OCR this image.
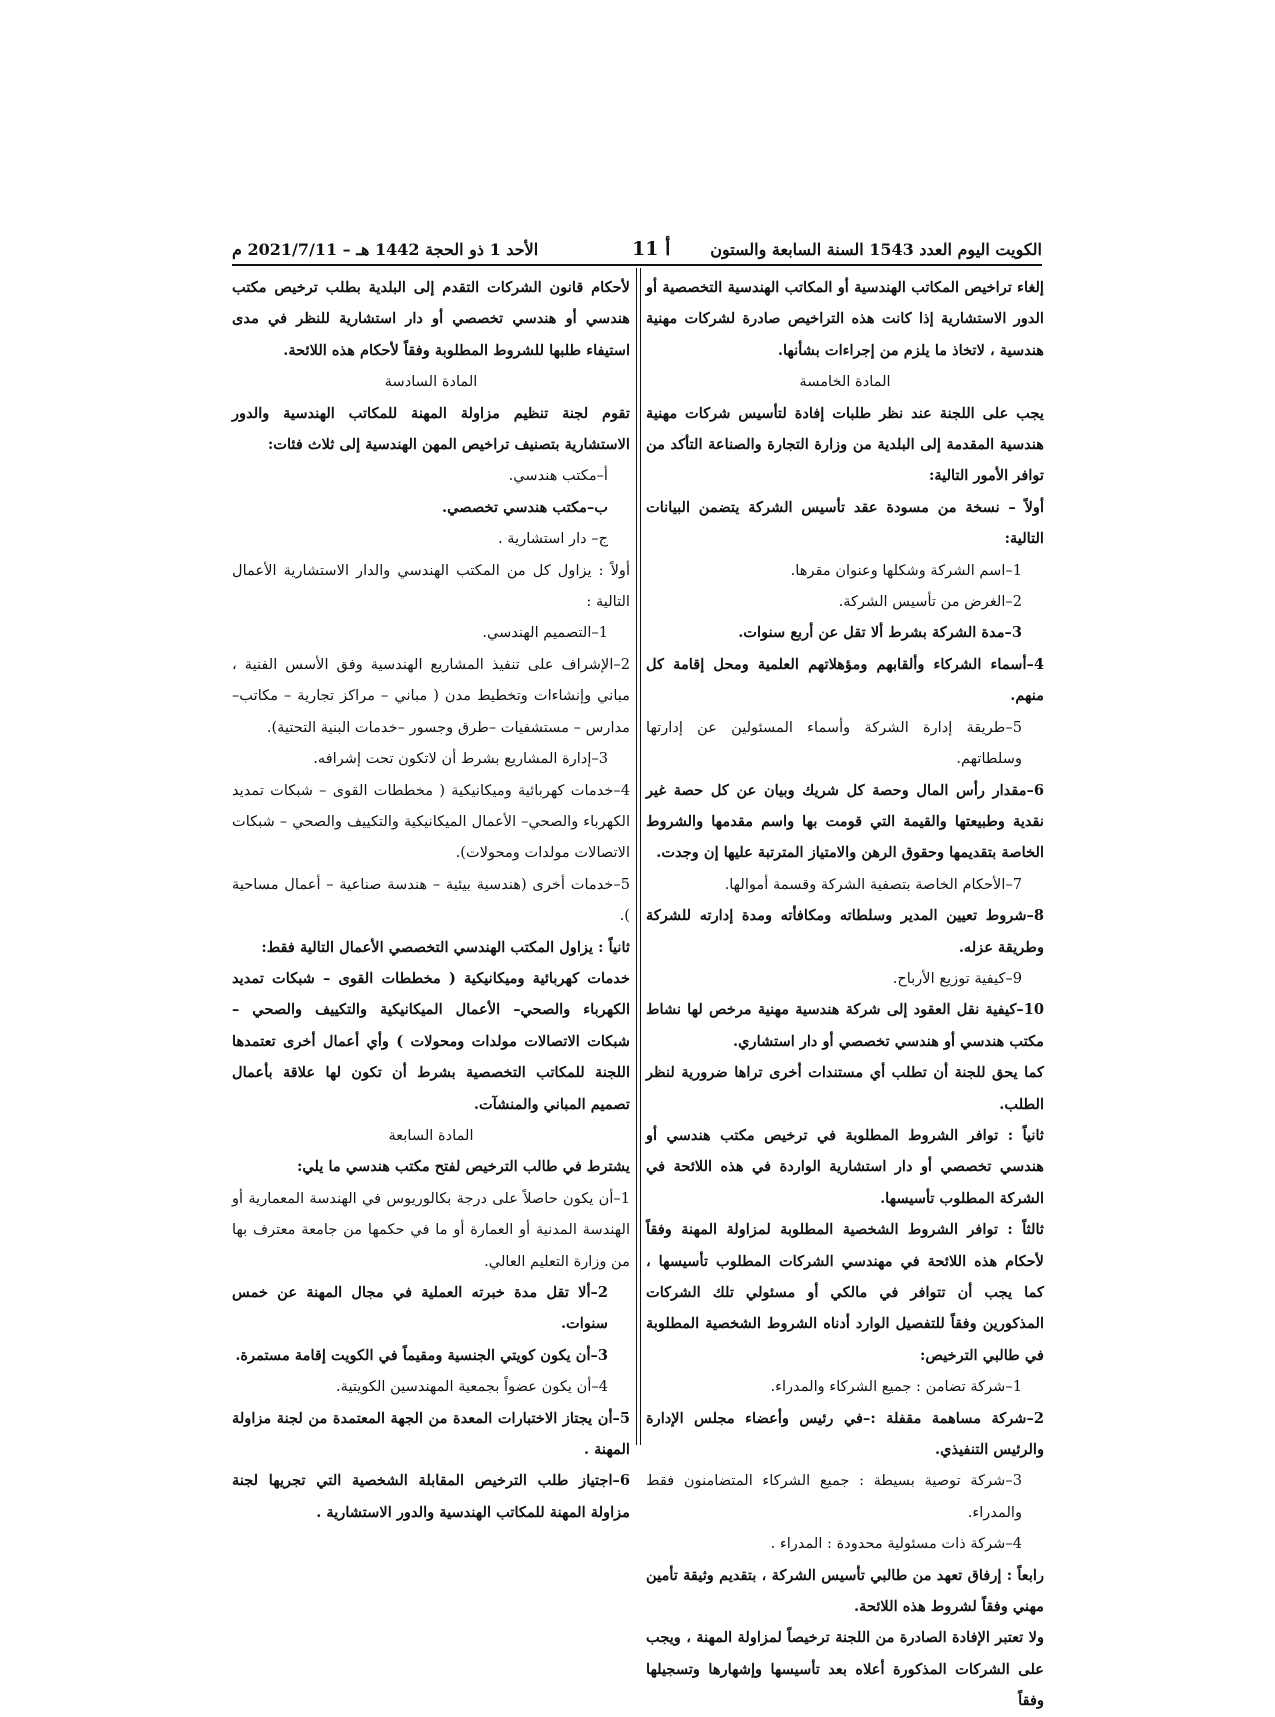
الكويت اليوم العدد 1543 السنة السابعة والستون
أ 11
الأحد 1 ذو الحجة 1442 هـ – 2021/7/11 م

إلغاء تراخيص المكاتب الهندسية أو المكاتب الهندسية التخصصية أو الدور الاستشارية إذا كانت هذه التراخيص صادرة لشركات مهنية هندسية ، لاتخاذ ما يلزم من إجراءات بشأنها.

المادة الخامسة

يجب على اللجنة عند نظر طلبات إفادة لتأسيس شركات مهنية هندسية المقدمة إلى البلدية من وزارة التجارة والصناعة التأكد من توافر الأمور التالية:

أولاً – نسخة من مسودة عقد تأسيس الشركة يتضمن البيانات التالية:

1–اسم الشركة وشكلها وعنوان مقرها.

2–الغرض من تأسيس الشركة.

3–مدة الشركة بشرط ألا تقل عن أربع سنوات.

4–أسماء الشركاء وألقابهم ومؤهلاتهم العلمية ومحل إقامة كل منهم.

5–طريقة إدارة الشركة وأسماء المسئولين عن إدارتها وسلطاتهم.

6–مقدار رأس المال وحصة كل شريك وبيان عن كل حصة غير نقدية وطبيعتها والقيمة التي قومت بها واسم مقدمها والشروط الخاصة بتقديمها وحقوق الرهن والامتياز المترتبة عليها إن وجدت.

7–الأحكام الخاصة بتصفية الشركة وقسمة أموالها.

8–شروط تعيين المدير وسلطاته ومكافأته ومدة إدارته للشركة وطريقة عزله.

9–كيفية توزيع الأرباح.

10–كيفية نقل العقود إلى شركة هندسية مهنية مرخص لها نشاط مكتب هندسي أو هندسي تخصصي أو دار استشاري.

كما يحق للجنة أن تطلب أي مستندات أخرى تراها ضرورية لنظر الطلب.

ثانياً : توافر الشروط المطلوبة في ترخيص مكتب هندسي أو هندسي تخصصي أو دار استشارية الواردة في هذه اللائحة في الشركة المطلوب تأسيسها.

ثالثاً : توافر الشروط الشخصية المطلوبة لمزاولة المهنة وفقاً لأحكام هذه اللائحة في مهندسي الشركات المطلوب تأسيسها ، كما يجب أن تتوافر في مالكي أو مسئولي تلك الشركات المذكورين وفقاً للتفصيل الوارد أدناه الشروط الشخصية المطلوبة في طالبي الترخيص:

1–شركة تضامن : جميع الشركاء والمدراء.

2–شركة مساهمة مقفلة :–في رئيس وأعضاء مجلس الإدارة والرئيس التنفيذي.

3–شركة توصية بسيطة : جميع الشركاء المتضامنون فقط والمدراء.

4–شركة ذات مسئولية محدودة : المدراء .

رابعاً : إرفاق تعهد من طالبي تأسيس الشركة ، بتقديم وثيقة تأمين مهني وفقاً لشروط هذه اللائحة.

ولا تعتبر الإفادة الصادرة من اللجنة ترخيصاً لمزاولة المهنة ، ويجب على الشركات المذكورة أعلاه بعد تأسيسها وإشهارها وتسجيلها وفقاً

لأحكام قانون الشركات التقدم إلى البلدية بطلب ترخيص مكتب هندسي أو هندسي تخصصي أو دار استشارية للنظر في مدى استيفاء طلبها للشروط المطلوبة وفقاً لأحكام هذه اللائحة.

المادة السادسة

تقوم لجنة تنظيم مزاولة المهنة للمكاتب الهندسية والدور الاستشارية بتصنيف تراخيص المهن الهندسية إلى ثلاث فئات:

أ–مكتب هندسي.

ب–مكتب هندسي تخصصي.

ج– دار استشارية .

أولاً : يزاول كل من المكتب الهندسي والدار الاستشارية الأعمال التالية :

1–التصميم الهندسي.

2–الإشراف على تنفيذ المشاريع الهندسية وفق الأسس الفنية ، مباني وإنشاءات وتخطيط مدن ( مباني – مراكز تجارية – مكاتب– مدارس – مستشفيات –طرق وجسور –خدمات البنية التحتية).

3–إدارة المشاريع بشرط أن لاتكون تحت إشرافه.

4–خدمات كهربائية وميكانيكية ( مخططات القوى – شبكات تمديد الكهرباء والصحي– الأعمال الميكانيكية والتكييف والصحي – شبكات الاتصالات مولدات ومحولات).

5–خدمات أخرى (هندسية بيئية – هندسة صناعية – أعمال مساحية ).

ثانياً : يزاول المكتب الهندسي التخصصي الأعمال التالية فقط:

خدمات كهربائية وميكانيكية ( مخططات القوى – شبكات تمديد الكهرباء والصحي– الأعمال الميكانيكية والتكييف والصحي – شبكات الاتصالات مولدات ومحولات ) وأي أعمال أخرى تعتمدها اللجنة للمكاتب التخصصية بشرط أن تكون لها علاقة بأعمال تصميم المباني والمنشآت.

المادة السابعة

يشترط في طالب الترخيص لفتح مكتب هندسي ما يلي:

1–أن يكون حاصلاً على درجة بكالوريوس في الهندسة المعمارية أو الهندسة المدنية أو العمارة أو ما في حكمها من جامعة معترف بها من وزارة التعليم العالي.

2–ألا تقل مدة خبرته العملية في مجال المهنة عن خمس سنوات.

3–أن يكون كويتي الجنسية ومقيماً في الكويت إقامة مستمرة.

4–أن يكون عضواً بجمعية المهندسين الكويتية.

5–أن يجتاز الاختبارات المعدة من الجهة المعتمدة من لجنة مزاولة المهنة .

6–اجتياز طلب الترخيص المقابلة الشخصية التي تجريها لجنة مزاولة المهنة للمكاتب الهندسية والدور الاستشارية .
